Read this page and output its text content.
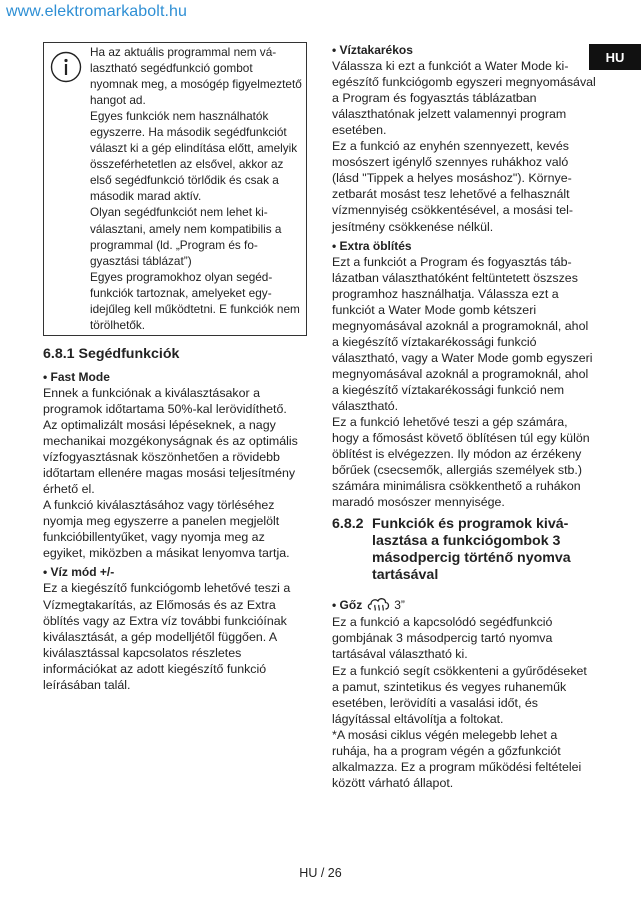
www.elektromarkabolt.hu
HU

Ha az aktuális programmal nem választható segédfunkció gombot nyomnak meg, a mosógép figyelmeztető hangot ad.

Egyes funkciók nem használhatók egyszerre. Ha második segédfunkciót választ ki a gép elindítása előtt, amelyik összeférhetetlen az elsővel, akkor az első segédfunkció törlődik és csak a második marad aktív.

Olyan segédfunkciót nem lehet kiválasztani, amely nem kompatibilis a programmal (ld. „Program és fogyasztási táblázat”)

Egyes programokhoz olyan segédfunkciók tartoznak, amelyeket egyidejűleg kell működtetni. E funkciók nem törölhetők.

6.8.1 Segédfunkciók
• Fast Mode

Ennek a funkciónak a kiválasztásakor a programok időtartama 50%-kal lerövidíthető.

Az optimalizált mosási lépéseknek, a nagy mechanikai mozgékonyságnak és az optimális vízfogyasztásnak köszönhetően a rövidebb időtartam ellenére magas mosási teljesítmény érhető el.

A funkció kiválasztásához vagy törléséhez nyomja meg egyszerre a panelen megjelölt funkcióbillentyűket, vagy nyomja meg az egyiket, miközben a másikat lenyomva tartja.

• Víz mód +/-

Ez a kiegészítő funkciógomb lehetővé teszi a Vízmegtakarítás, az Előmosás és az Extra öblítés vagy az Extra víz további funkcióínak kiválasztását, a gép modelljétől függően. A kiválasztással kapcsolatos részletes információkat az adott kiegészítő funkció leírásában talál.

• Víztakarékos

Válassza ki ezt a funkciót a Water Mode kiegészítő funkciógomb egyszeri megnyomásával a Program és fogyasztás táblázatban választhatónak jelzett valamennyi program esetében.

Ez a funkció az enyhén szennyezett, kevés mosószert igénylő szennyes ruhákhoz való (lásd "Tippek a helyes mosáshoz"). Környezetbarát mosást tesz lehetővé a felhasznált vízmennyiség csökkentésével, a mosási teljesítmény csökkenése nélkül.

• Extra öblítés

Ezt a funkciót a Program és fogyasztás táblázatban választhatóként feltüntetett öszszes programhoz használhatja. Válassza ezt a funkciót a Water Mode gomb kétszeri megnyomásával azoknál a programoknál, ahol a kiegészítő víztakarékossági funkció választható, vagy a Water Mode gomb egyszeri megnyomásával azoknál a programoknál, ahol a kiegészítő víztakarékossági funkció nem választható.

Ez a funkció lehetővé teszi a gép számára, hogy a főmosást követő öblítésen túl egy külön öblítést is elvégezzen. Ily módon az érzékeny bőrűek (csecsemők, allergiás személyek stb.) számára minimálisra csökkenthető a ruhákon maradó mosószer mennyisége.

6.8.2 Funkciók és programok kiválasztása a funkciógombok 3 másodpercig történő nyomva tartásával
• Gőz	3”

Ez a funkció a kapcsolódó segédfunkció gombjának 3 másodpercig tartó nyomva tartásával választható ki.

Ez a funkció segít csökkenteni a gyűrődéseket a pamut, szintetikus és vegyes ruhaneműk esetében, lerövidíti a vasalási időt, és lágyítással eltávolítja a foltokat.

*A mosási ciklus végén melegebb lehet a ruhája, ha a program végén a gőzfunkciót alkalmazza. Ez a program működési feltételei között várható állapot.

HU / 26
